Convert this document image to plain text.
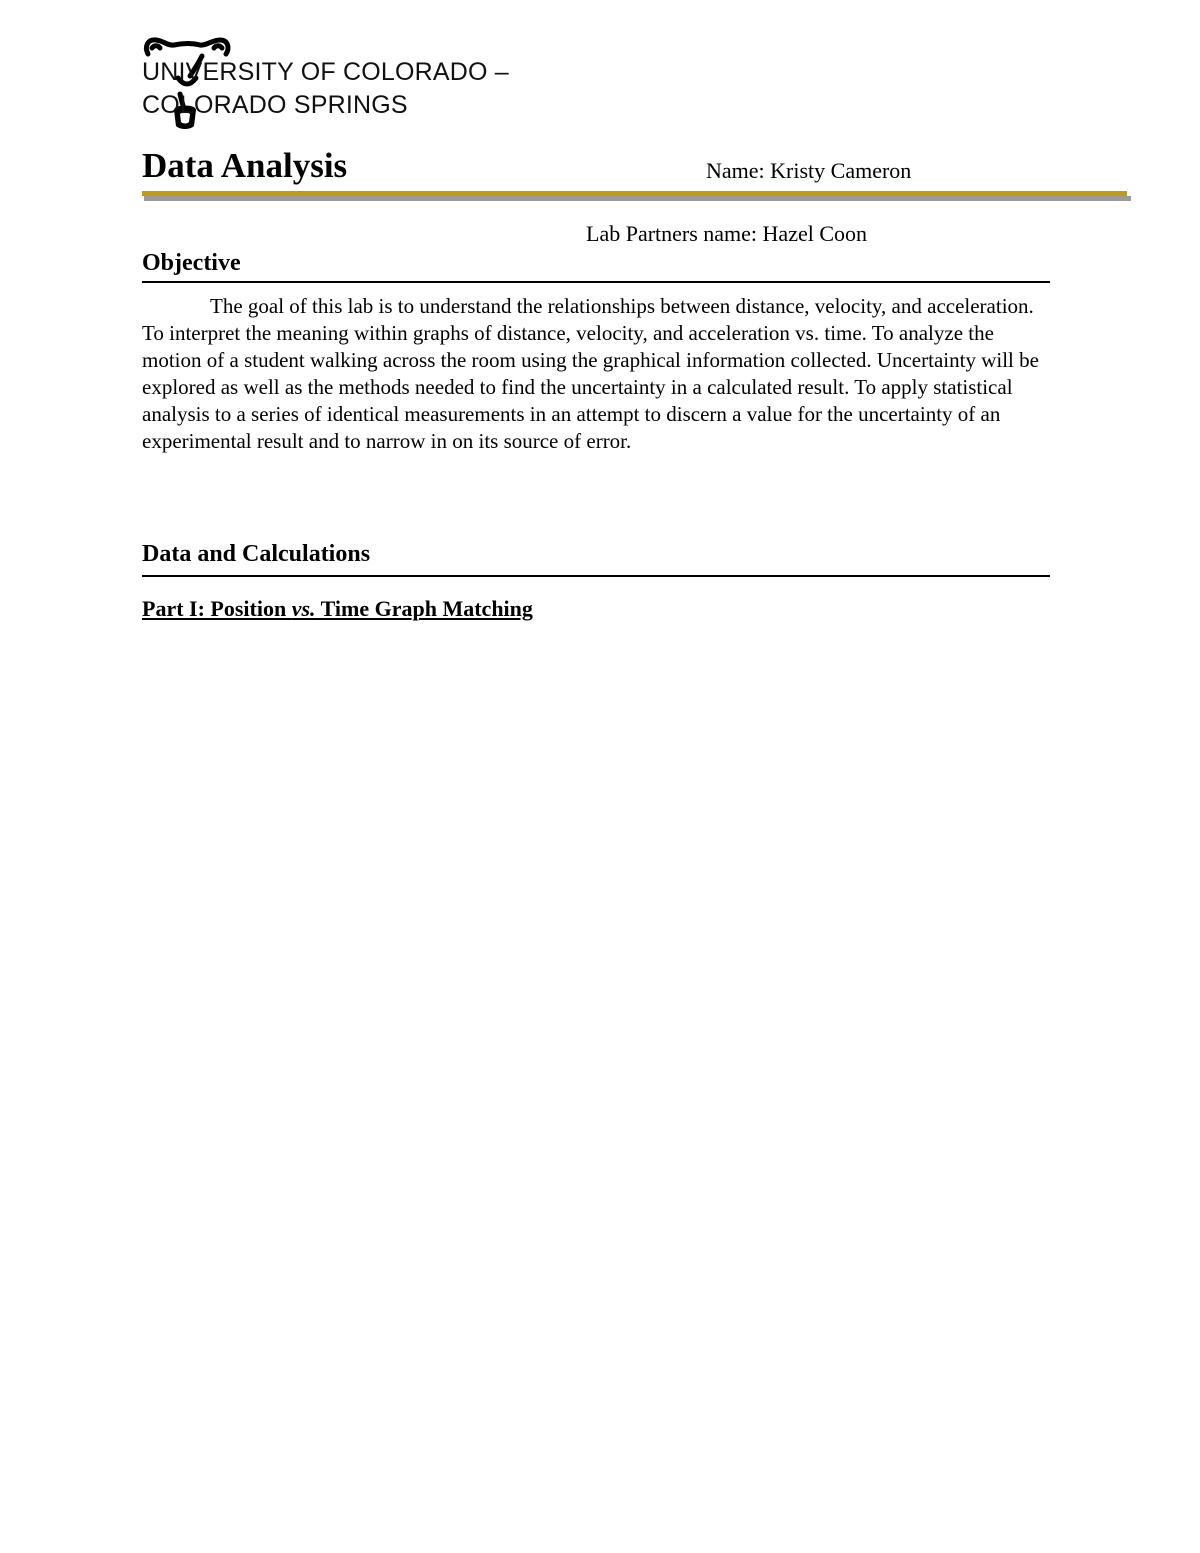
UNIVERSITY OF COLORADO –
COLORADO SPRINGS
Data Analysis	Name: Kristy Cameron
Lab Partners name: Hazel Coon
Objective

The goal of this lab is to understand the relationships between distance, velocity, and acceleration. To interpret the meaning within graphs of distance, velocity, and acceleration vs. time. To analyze the motion of a student walking across the room using the graphical information collected. Uncertainty will be explored as well as the methods needed to find the uncertainty in a calculated result. To apply statistical analysis to a series of identical measurements in an attempt to discern a value for the uncertainty of an experimental result and to narrow in on its source of error.

Data and Calculations
Part I: Position vs. Time Graph Matching
